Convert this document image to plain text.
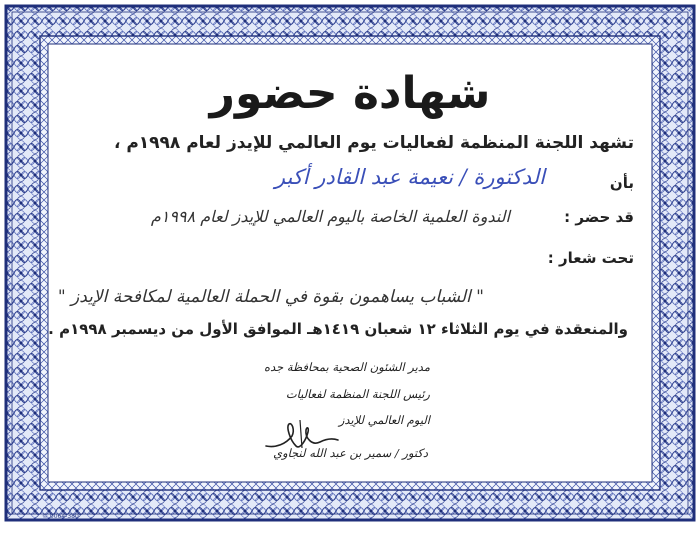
شهادة حضور
تشهد اللجنة المنظمة لفعاليات يوم العالمي للإيدز لعام ١٩٩٨م ،
بأن
الدكتورة / نعيمة عبد القادر أكبر
قد حضر :
الندوة العلمية الخاصة باليوم العالمي للإيدز لعام ١٩٩٨م
تحت شعار :
" الشباب يساهمون بقوة في الحملة العالمية لمكافحة الإيدز "
والمنعقدة في يوم الثلاثاء ١٢ شعبان ١٤١٩هـ الموافق الأول من ديسمبر ١٩٩٨م .
مدير الشئون الصحية بمحافظة جده
رئيس اللجنة المنظمة لفعاليات
اليوم العالمي للإيدز
دكتور / سمير بن عبد الله لنجاوي
© 0064-380
